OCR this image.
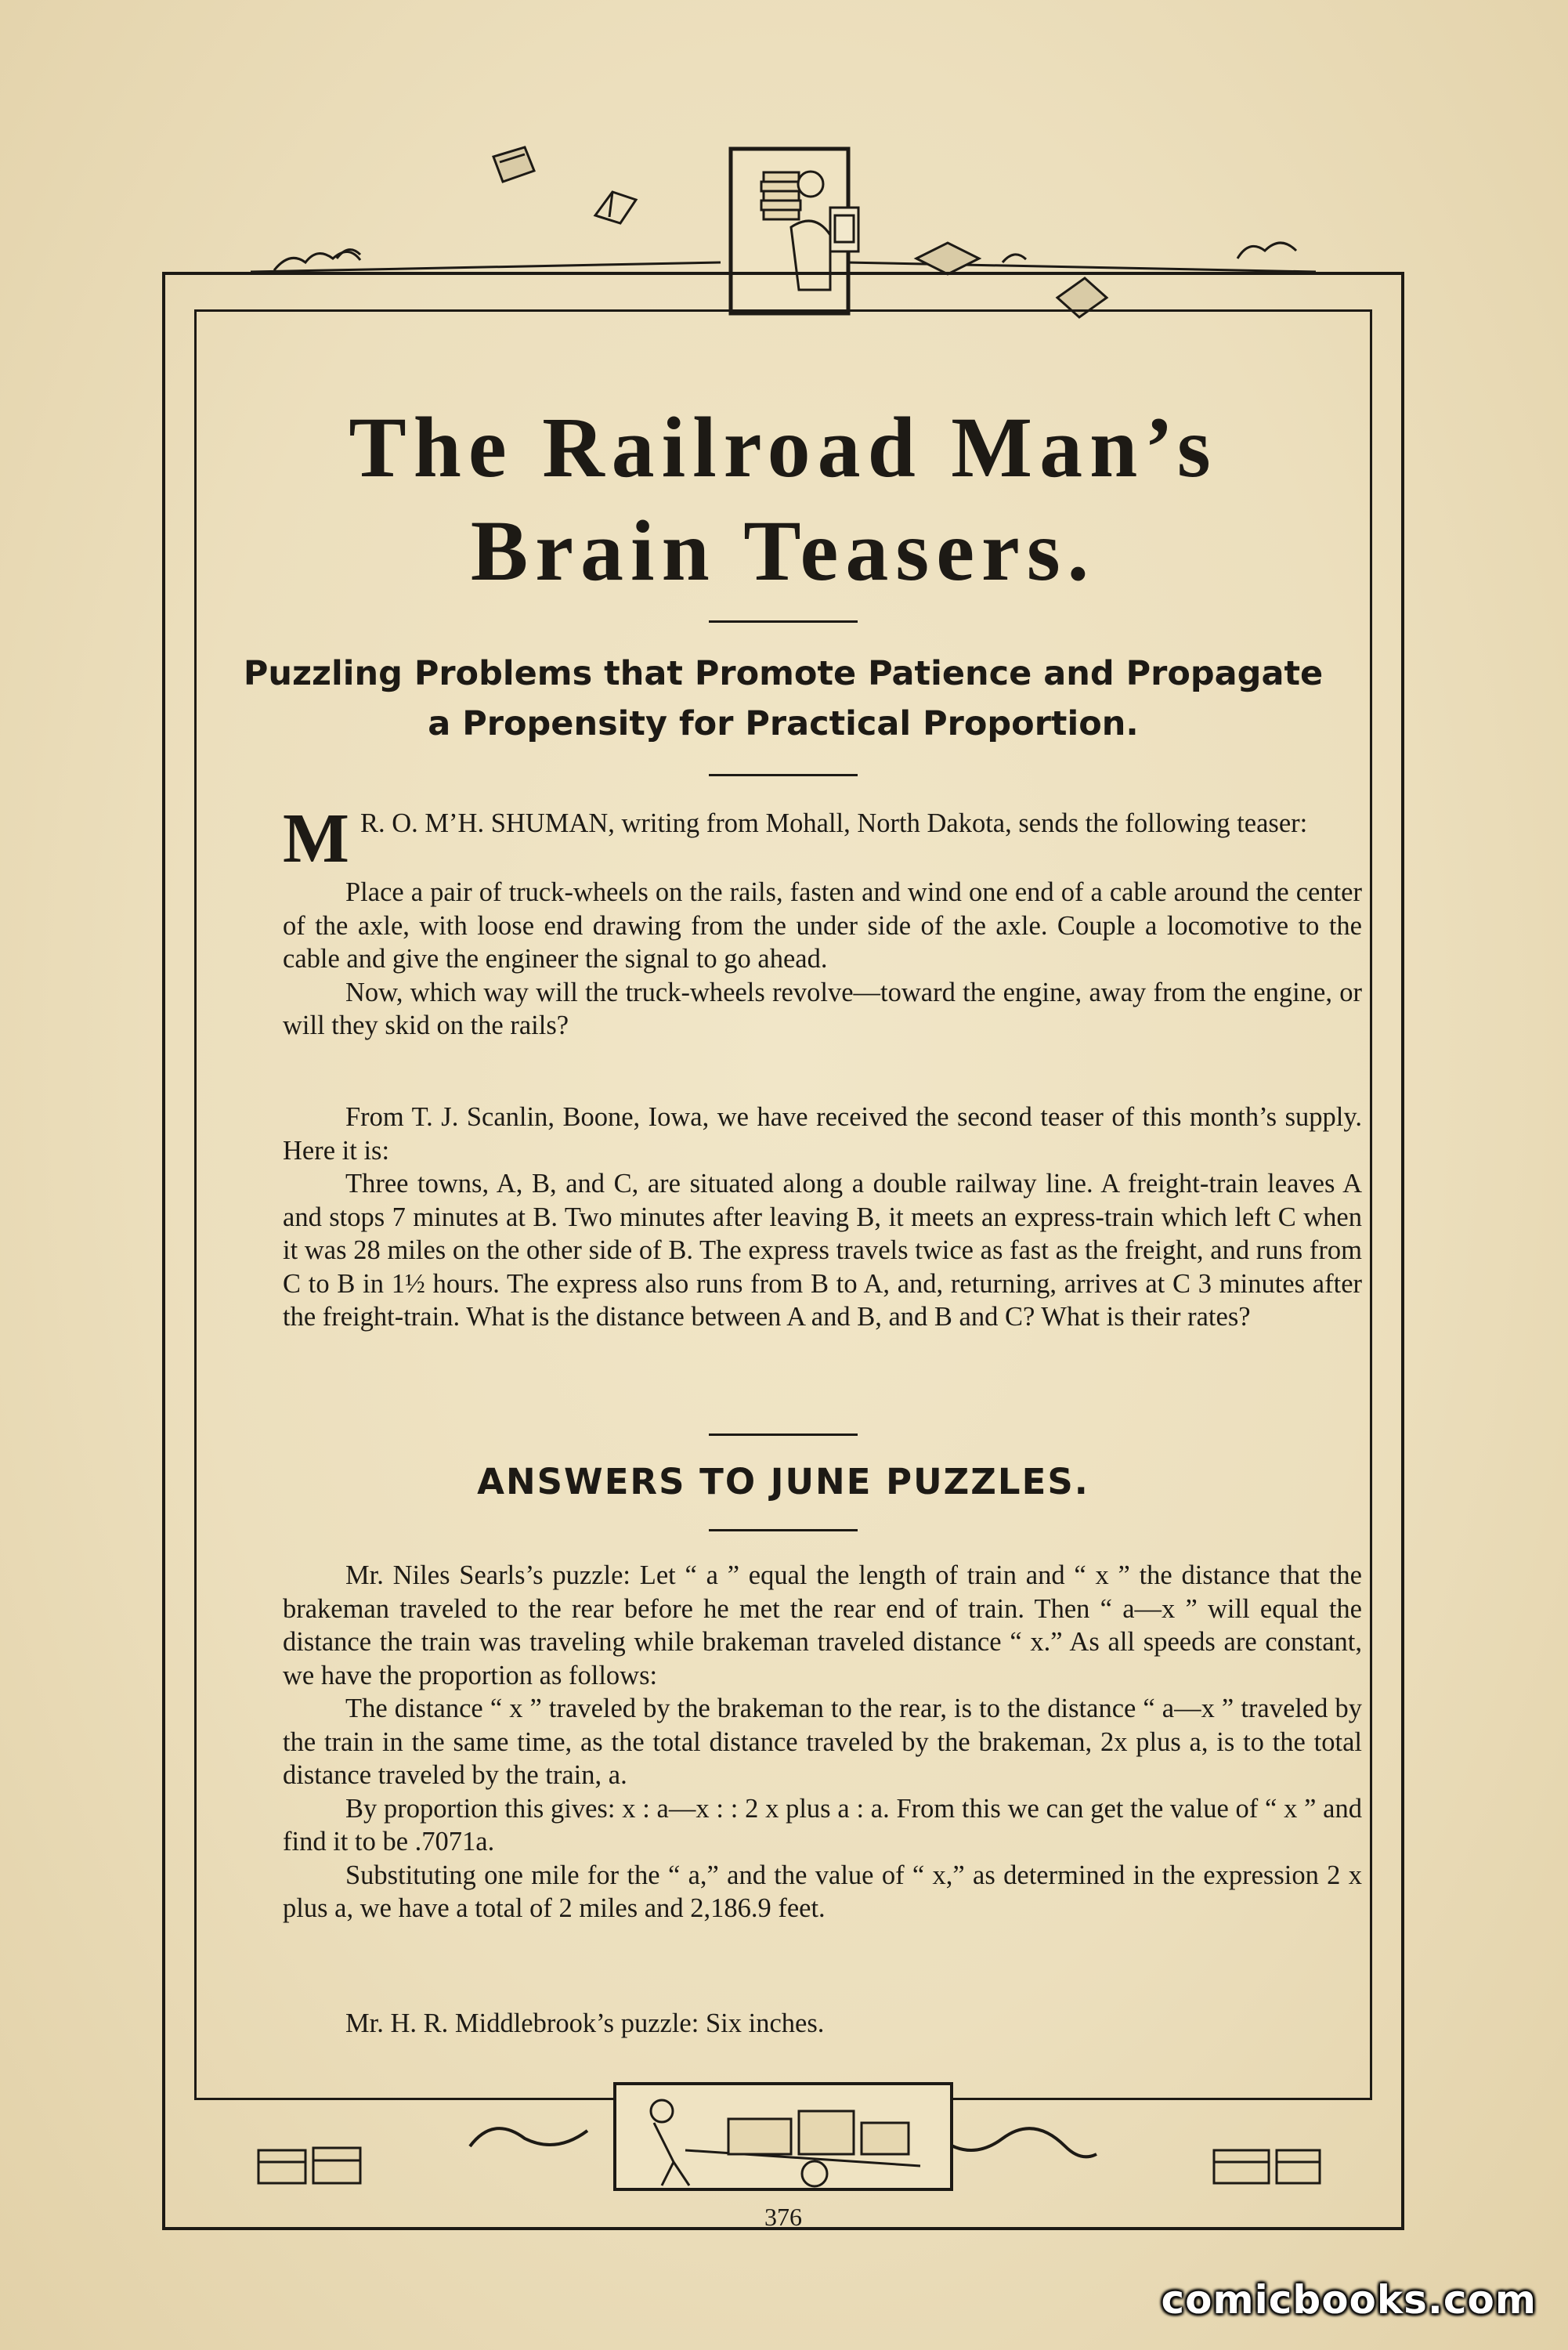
The Railroad Man’s
Brain Teasers.
Puzzling Problems that Promote Patience and Propagate
a Propensity for Practical Proportion.
M R. O. M’H. SHUMAN, writing from Mohall, North Dakota, sends the following teaser:

Place a pair of truck-wheels on the rails, fasten and wind one end of a cable around the center of the axle, with loose end drawing from the under side of the axle. Couple a locomotive to the cable and give the engineer the signal to go ahead.

Now, which way will the truck-wheels revolve—toward the engine, away from the engine, or will they skid on the rails?

From T. J. Scanlin, Boone, Iowa, we have received the second teaser of this month’s supply. Here it is:

Three towns, A, B, and C, are situated along a double railway line. A freight-train leaves A and stops 7 minutes at B. Two minutes after leaving B, it meets an express-train which left C when it was 28 miles on the other side of B. The express travels twice as fast as the freight, and runs from C to B in 1½ hours. The express also runs from B to A, and, returning, arrives at C 3 minutes after the freight-train. What is the distance between A and B, and B and C? What is their rates?

ANSWERS TO JUNE PUZZLES.

Mr. Niles Searls’s puzzle: Let “ a ” equal the length of train and “ x ” the distance that the brakeman traveled to the rear before he met the rear end of train. Then “ a—x ” will equal the distance the train was traveling while brakeman traveled distance “ x.” As all speeds are constant, we have the proportion as follows:

The distance “ x ” traveled by the brakeman to the rear, is to the distance “ a—x ” traveled by the train in the same time, as the total distance traveled by the brakeman, 2x plus a, is to the total distance traveled by the train, a.

By proportion this gives: x : a—x : : 2 x plus a : a. From this we can get the value of “ x ” and find it to be .7071a.

Substituting one mile for the “ a,” and the value of “ x,” as determined in the expression 2 x plus a, we have a total of 2 miles and 2,186.9 feet.

Mr. H. R. Middlebrook’s puzzle: Six inches.

376
comicbooks.com
